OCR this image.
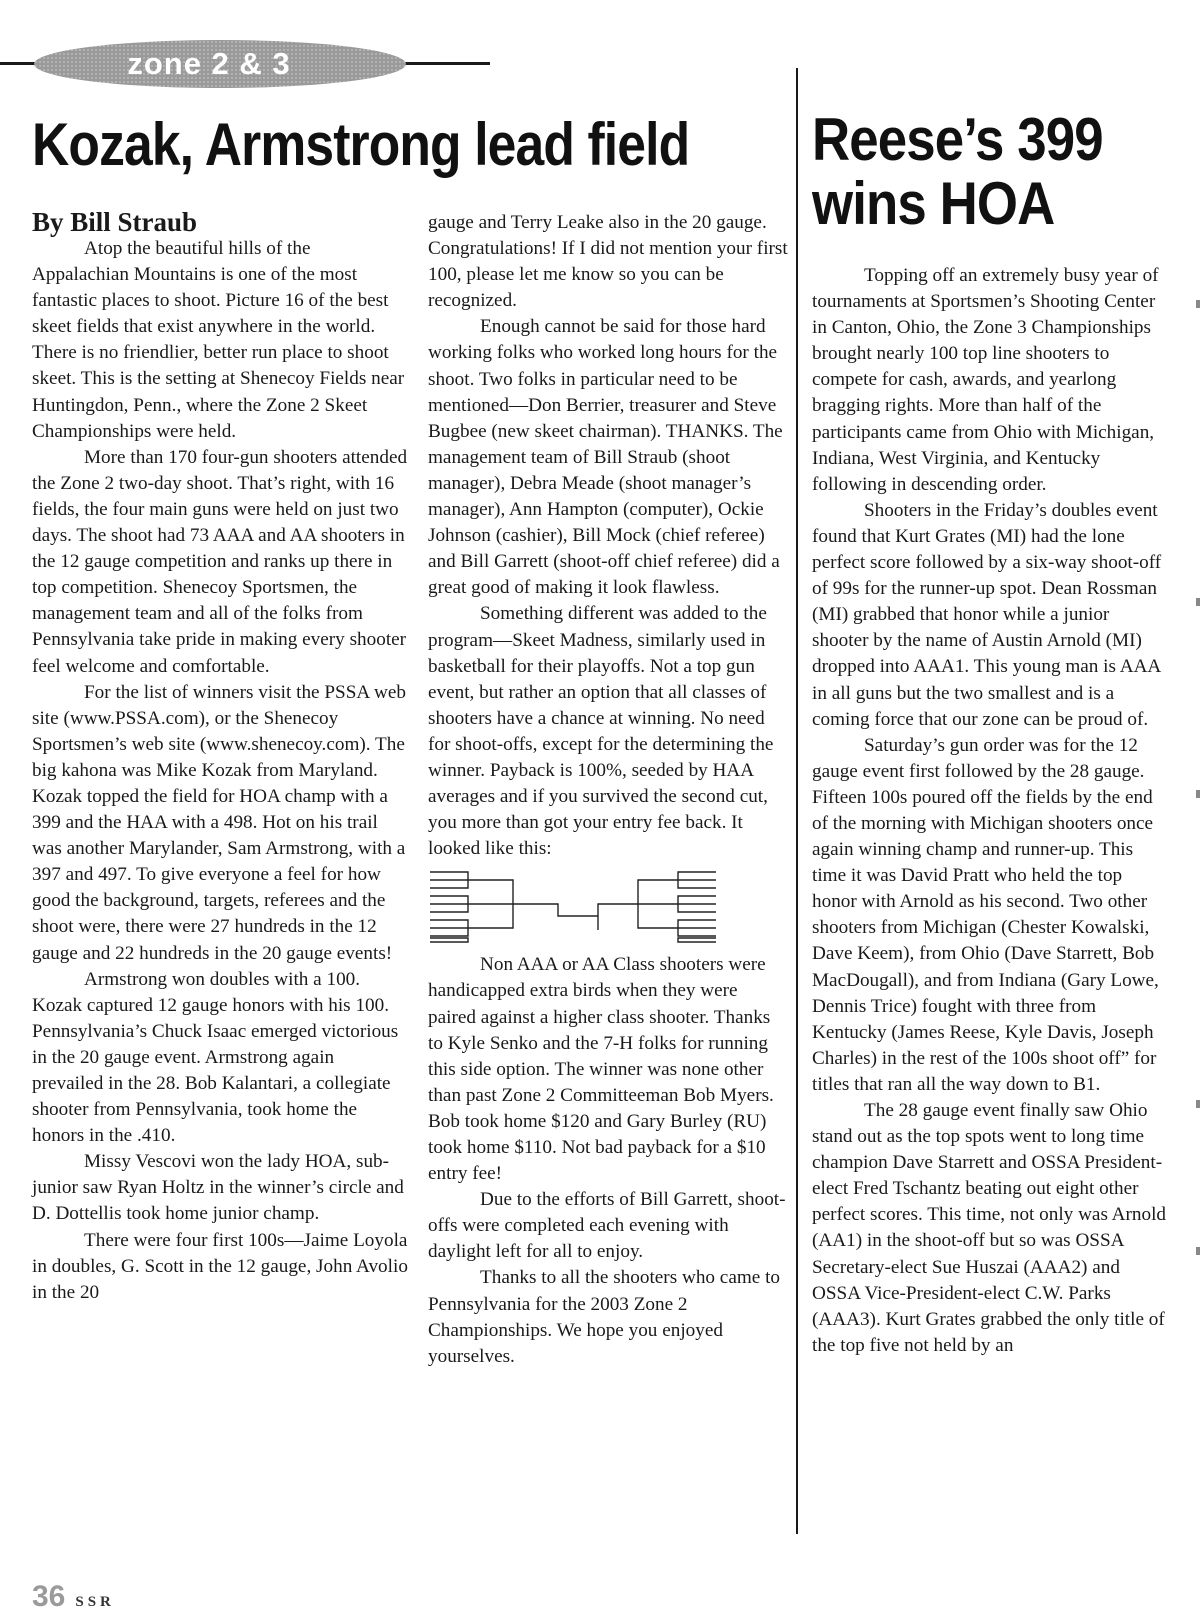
zone 2 & 3
Kozak, Armstrong lead field
By Bill Straub

Atop the beautiful hills of the Appalachian Mountains is one of the most fantastic places to shoot. Picture 16 of the best skeet fields that exist anywhere in the world. There is no friendlier, better run place to shoot skeet. This is the setting at Shenecoy Fields near Huntingdon, Penn., where the Zone 2 Skeet Championships were held.

More than 170 four-gun shooters attended the Zone 2 two-day shoot. That’s right, with 16 fields, the four main guns were held on just two days. The shoot had 73 AAA and AA shooters in the 12 gauge competition and ranks up there in top competition. Shenecoy Sportsmen, the management team and all of the folks from Pennsylvania take pride in making every shooter feel welcome and comfortable.

For the list of winners visit the PSSA web site (www.PSSA.com), or the Shenecoy Sportsmen’s web site (www.shenecoy.com). The big kahona was Mike Kozak from Maryland. Kozak topped the field for HOA champ with a 399 and the HAA with a 498. Hot on his trail was another Marylander, Sam Armstrong, with a 397 and 497. To give everyone a feel for how good the background, targets, referees and the shoot were, there were 27 hundreds in the 12 gauge and 22 hundreds in the 20 gauge events!

Armstrong won doubles with a 100. Kozak captured 12 gauge honors with his 100. Pennsylvania’s Chuck Isaac emerged victorious in the 20 gauge event. Armstrong again prevailed in the 28. Bob Kalantari, a collegiate shooter from Pennsylvania, took home the honors in the .410.

Missy Vescovi won the lady HOA, sub-junior saw Ryan Holtz in the winner’s circle and D. Dottellis took home junior champ.

There were four first 100s—Jaime Loyola in doubles, G. Scott in the 12 gauge, John Avolio in the 20

gauge and Terry Leake also in the 20 gauge. Congratulations! If I did not mention your first 100, please let me know so you can be recognized.

Enough cannot be said for those hard working folks who worked long hours for the shoot. Two folks in particular need to be mentioned—Don Berrier, treasurer and Steve Bugbee (new skeet chairman). THANKS. The management team of Bill Straub (shoot manager), Debra Meade (shoot manager’s manager), Ann Hampton (computer), Ockie Johnson (cashier), Bill Mock (chief referee) and Bill Garrett (shoot-off chief referee) did a great good of making it look flawless.

Something different was added to the program—Skeet Madness, similarly used in basketball for their playoffs. Not a top gun event, but rather an option that all classes of shooters have a chance at winning. No need for shoot-offs, except for the determining the winner. Payback is 100%, seeded by HAA averages and if you survived the second cut, you more than got your entry fee back. It looked like this:

Non AAA or AA Class shooters were handicapped extra birds when they were paired against a higher class shooter. Thanks to Kyle Senko and the 7-H folks for running this side option. The winner was none other than past Zone 2 Committeeman Bob Myers. Bob took home $120 and Gary Burley (RU) took home $110. Not bad payback for a $10 entry fee!

Due to the efforts of Bill Garrett, shoot-offs were completed each evening with daylight left for all to enjoy.

Thanks to all the shooters who came to Pennsylvania for the 2003 Zone 2 Championships. We hope you enjoyed yourselves.

Reese’s 399
wins HOA

Topping off an extremely busy year of tournaments at Sportsmen’s Shooting Center in Canton, Ohio, the Zone 3 Championships brought nearly 100 top line shooters to compete for cash, awards, and yearlong bragging rights. More than half of the participants came from Ohio with Michigan, Indiana, West Virginia, and Kentucky following in descending order.

Shooters in the Friday’s doubles event found that Kurt Grates (MI) had the lone perfect score followed by a six-way shoot-off of 99s for the runner-up spot. Dean Rossman (MI) grabbed that honor while a junior shooter by the name of Austin Arnold (MI) dropped into AAA1. This young man is AAA in all guns but the two smallest and is a coming force that our zone can be proud of.

Saturday’s gun order was for the 12 gauge event first followed by the 28 gauge. Fifteen 100s poured off the fields by the end of the morning with Michigan shooters once again winning champ and runner-up. This time it was David Pratt who held the top honor with Arnold as his second. Two other shooters from Michigan (Chester Kowalski, Dave Keem), from Ohio (Dave Starrett, Bob MacDougall), and from Indiana (Gary Lowe, Dennis Trice) fought with three from Kentucky (James Reese, Kyle Davis, Joseph Charles) in the rest of the 100s shoot off” for titles that ran all the way down to B1.

The 28 gauge event finally saw Ohio stand out as the top spots went to long time champion Dave Starrett and OSSA President-elect Fred Tschantz beating out eight other perfect scores. This time, not only was Arnold (AA1) in the shoot-off but so was OSSA Secretary-elect Sue Huszai (AAA2) and OSSA Vice-President-elect C.W. Parks (AAA3). Kurt Grates grabbed the only title of the top five not held by an

36 SSR
